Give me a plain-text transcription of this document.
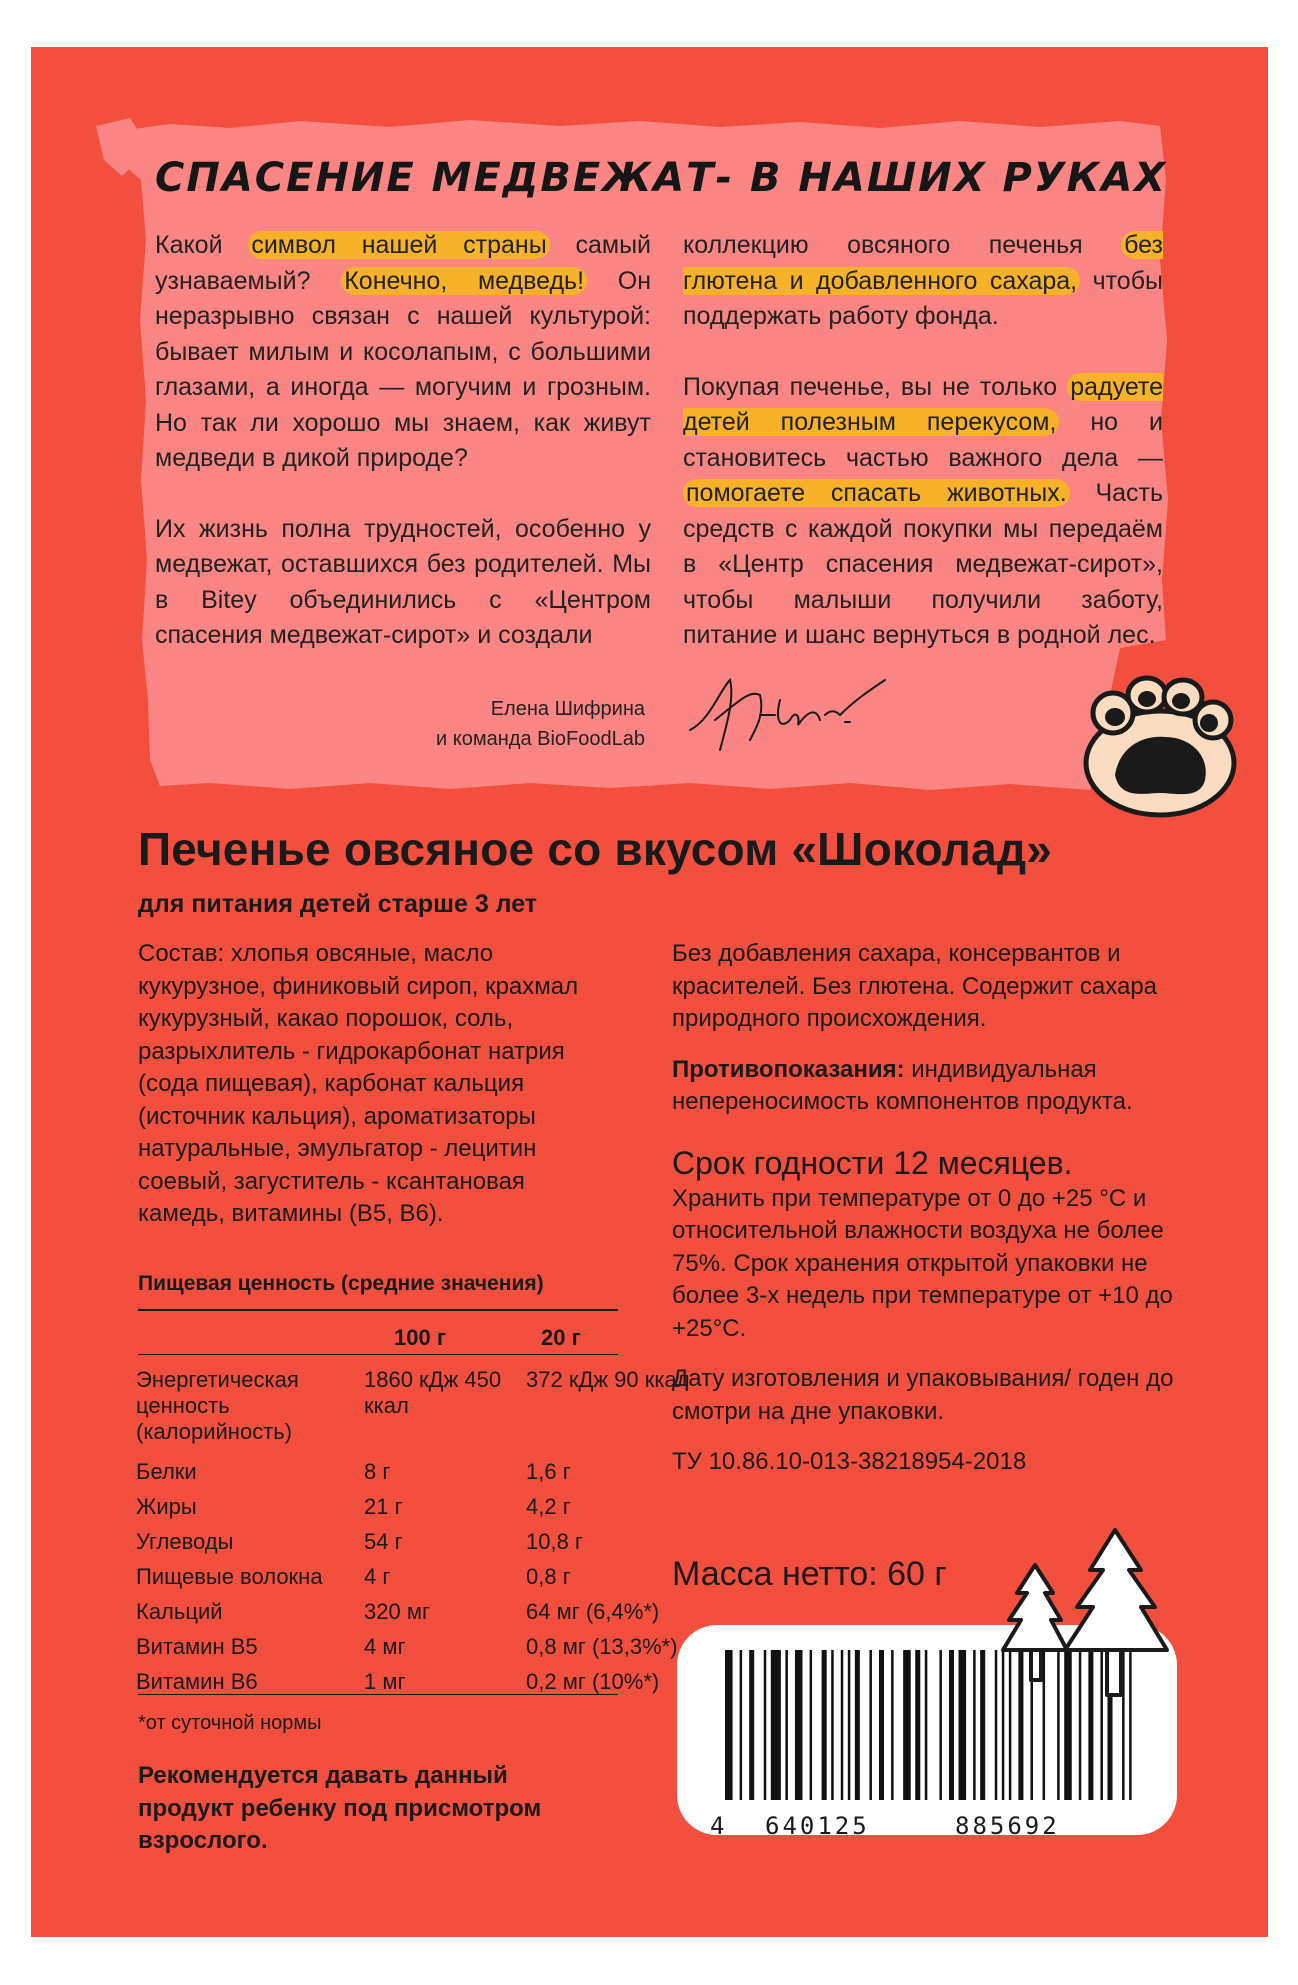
СПАСЕНИЕ МЕДВЕЖАТ- В НАШИХ РУКАХ

Какой символ нашей страны самый узнаваемый? Конечно, медведь! Он неразрывно связан с нашей культурой: бывает милым и косолапым, с большими глазами, а иногда — могучим и грозным. Но так ли хорошо мы знаем, как живут медведи в дикой природе?

Их жизнь полна трудностей, особенно у медвежат, оставшихся без родителей. Мы в Bitey объединились с «Центром спасения медвежат-сирот» и создали

коллекцию овсяного печенья без глютена и добавленного сахара, чтобы поддержать работу фонда.

Покупая печенье, вы не только радуете детей полезным перекусом, но и становитесь частью важного дела — помогаете спасать животных. Часть средств с каждой покупки мы передаём в «Центр спасения медвежат-сирот», чтобы малыши получили заботу, питание и шанс вернуться в родной лес.

Елена Шифрина
и команда BioFoodLab
Печенье овсяное со вкусом «Шоколад»
для питания детей старше 3 лет
Состав: хлопья овсяные, масло кукурузное, финиковый сироп, крахмал кукурузный, какао порошок, соль, разрыхлитель - гидрокарбонат натрия (сода пищевая), карбонат кальция (источник кальция), ароматизаторы натуральные, эмульгатор - лецитин соевый, загуститель - ксантановая камедь, витамины (B5, B6).
Пищевая ценность (средние значения)
	100 г	20 г
Энергетическая ценность (калорийность)	1860 кДж 450 ккал	372 кДж 90 ккал
Белки	8 г	1,6 г
Жиры	21 г	4,2 г
Углеводы	54 г	10,8 г
Пищевые волокна	4 г	0,8 г
Кальций	320 мг	64 мг (6,4%*)
Витамин В5	4 мг	0,8 мг (13,3%*)
Витамин В6	1 мг	0,2 мг (10%*)
*от суточной нормы
Рекомендуется давать данный продукт ребенку под присмотром взрослого.

Без добавления сахара, консервантов и красителей. Без глютена. Содержит сахара природного происхождения.

Противопоказания: индивидуальная непереносимость компонентов продукта.

Срок годности 12 месяцев.

Хранить при температуре от 0 до +25 °С и относительной влажности воздуха не более 75%. Срок хранения открытой упаковки не более 3-х недель при температуре от +10 до +25°С.

Дату изготовления и упаковывания/ годен до смотри на дне упаковки.

ТУ 10.86.10-013-38218954-2018

Масса нетто: 60 г
4 640125	885692
